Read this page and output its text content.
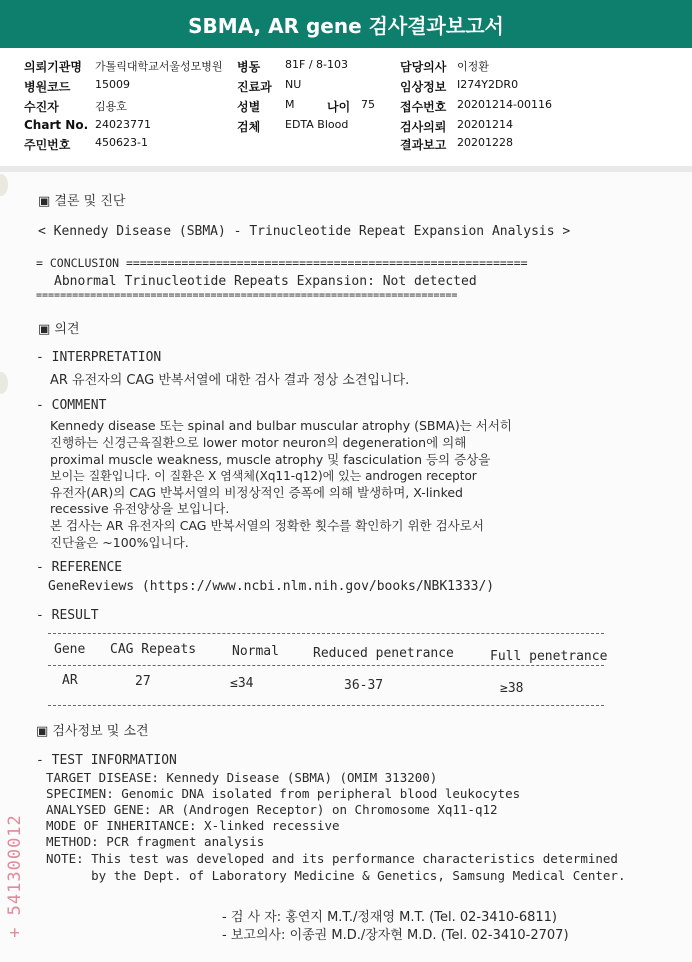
SBMA, AR gene 검사결과보고서
의뢰기관명 가톨릭대학교서울성모병원 병동 81F / 8-103	담당의사 이정환
병원코드 15009	진료과 NU	임상정보 I274Y2DR0
수진자	김용호	성별 M	나이 75 접수번호 20201214-00116
Chart No. 24023771	검체 EDTA Blood	검사의뢰 20201214
주민번호 450623-1	결과보고 20201228
▣ 결론 및 진단
< Kennedy Disease (SBMA) - Trinucleotide Repeat Expansion Analysis >
= CONCLUSION ==========================================================
Abnormal Trinucleotide Repeats Expansion: Not detected
======================================================================
▣ 의견
- INTERPRETATION
AR 유전자의 CAG 반복서열에 대한 검사 결과 정상 소견입니다.
- COMMENT
Kennedy disease 또는 spinal and bulbar muscular atrophy (SBMA)는 서서히
진행하는 신경근육질환으로 lower motor neuron의 degeneration에 의해
proximal muscle weakness, muscle atrophy 및 fasciculation 등의 증상을
보이는 질환입니다. 이 질환은 X 염색체(Xq11-q12)에 있는 androgen receptor
유전자(AR)의 CAG 반복서열의 비정상적인 증폭에 의해 발생하며, X-linked
recessive 유전양상을 보입니다.
본 검사는 AR 유전자의 CAG 반복서열의 정확한 횟수를 확인하기 위한 검사로서
진단율은 ~100%입니다.
- REFERENCE
GeneReviews (https://www.ncbi.nlm.nih.gov/books/NBK1333/)
- RESULT
Gene CAG Repeats	Normal	Reduced penetrance	Full penetrance
AR	27	≤34	36-37	≥38
▣ 검사정보 및 소견
- TEST INFORMATION
TARGET DISEASE: Kennedy Disease (SBMA) (OMIM 313200)
SPECIMEN: Genomic DNA isolated from peripheral blood leukocytes
ANALYSED GENE: AR (Androgen Receptor) on Chromosome Xq11-q12
MODE OF INHERITANCE: X-linked recessive
METHOD: PCR fragment analysis
NOTE: This test was developed and its performance characteristics determined
by the Dept. of Laboratory Medicine & Genetics, Samsung Medical Center.
- 검 사 자: 홍연지 M.T./정재영 M.T. (Tel. 02-3410-6811)
- 보고의사: 이종권 M.D./장자현 M.D. (Tel. 02-3410-2707)
+ 541300012
